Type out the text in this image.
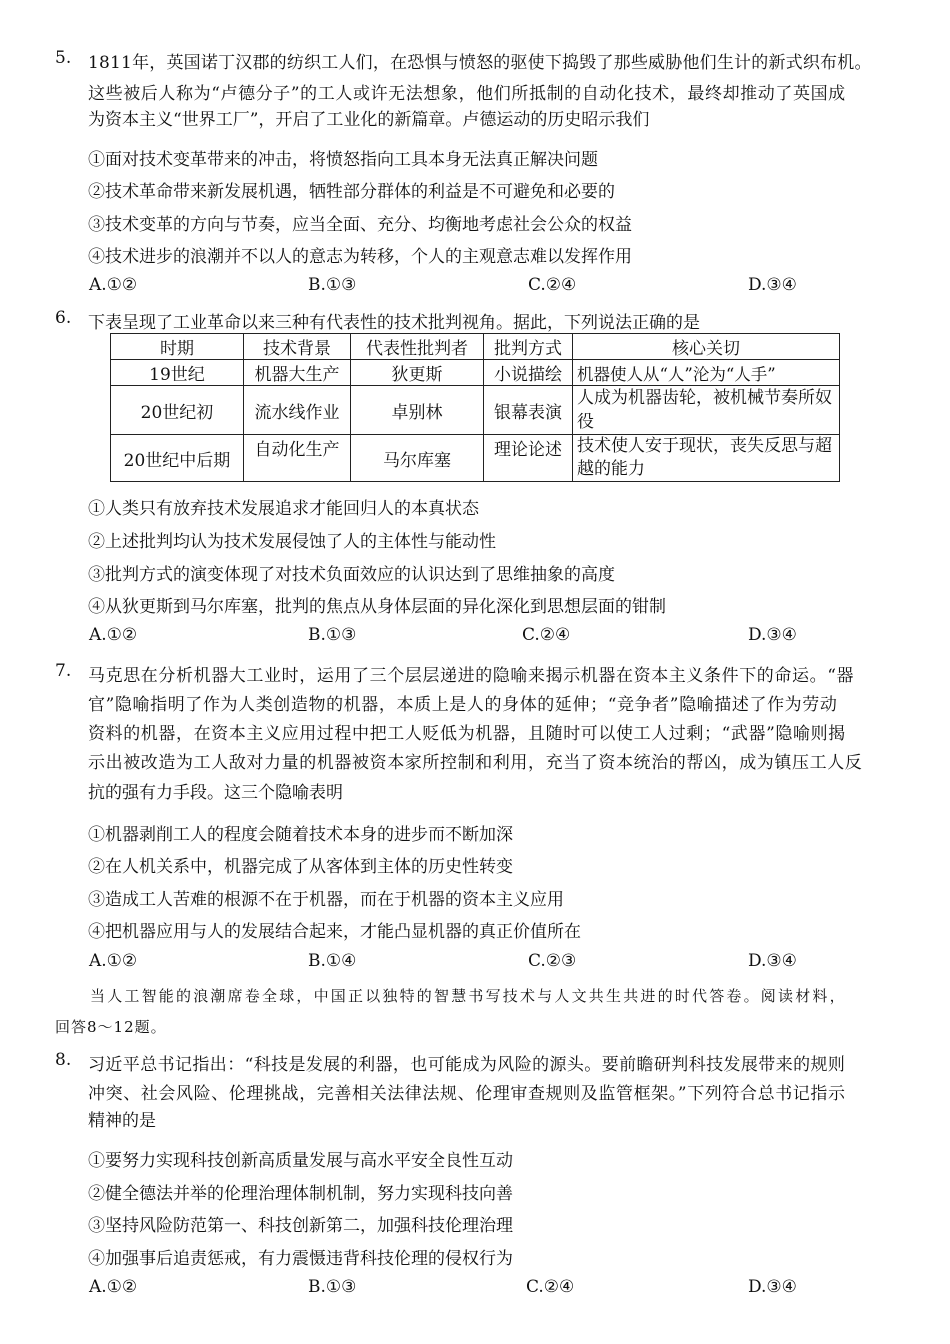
5. 1811年，英国诺丁汉郡的纺织工人们，在恐惧与愤怒的驱使下捣毁了那些威胁他们生计的新式织布机。
这些被后人称为“卢德分子”的工人或许无法想象，他们所抵制的自动化技术，最终却推动了英国成
为资本主义“世界工厂”，开启了工业化的新篇章。卢德运动的历史昭示我们
①面对技术变革带来的冲击，将愤怒指向工具本身无法真正解决问题
②技术革命带来新发展机遇，牺牲部分群体的利益是不可避免和必要的
③技术变革的方向与节奏，应当全面、充分、均衡地考虑社会公众的权益
④技术进步的浪潮并不以人的意志为转移，个人的主观意志难以发挥作用
A.①②	B.①③	C.②④	D.③④
6. 下表呈现了工业革命以来三种有代表性的技术批判视角。据此，下列说法正确的是
时期	技术背景	代表性批判者	批判方式	核心关切
19世纪	机器大生产	狄更斯	小说描绘	机器使人从“人”沦为“人手”
20世纪初	流水线作业	卓别林	银幕表演	人成为机器齿轮，被机械节奏所奴役
20世纪中后期	自动化生产	马尔库塞	理论论述	技术使人安于现状，丧失反思与超越的能力
①人类只有放弃技术发展追求才能回归人的本真状态
②上述批判均认为技术发展侵蚀了人的主体性与能动性
③批判方式的演变体现了对技术负面效应的认识达到了思维抽象的高度
④从狄更斯到马尔库塞，批判的焦点从身体层面的异化深化到思想层面的钳制
A.①②	B.①③	C.②④	D.③④
7. 马克思在分析机器大工业时，运用了三个层层递进的隐喻来揭示机器在资本主义条件下的命运。“器
官”隐喻指明了作为人类创造物的机器，本质上是人的身体的延伸；“竞争者”隐喻描述了作为劳动
资料的机器，在资本主义应用过程中把工人贬低为机器，且随时可以使工人过剩；“武器”隐喻则揭
示出被改造为工人敌对力量的机器被资本家所控制和利用，充当了资本统治的帮凶，成为镇压工人反
抗的强有力手段。这三个隐喻表明
①机器剥削工人的程度会随着技术本身的进步而不断加深
②在人机关系中，机器完成了从客体到主体的历史性转变
③造成工人苦难的根源不在于机器，而在于机器的资本主义应用
④把机器应用与人的发展结合起来，才能凸显机器的真正价值所在
A.①②	B.①④	C.②③	D.③④
当人工智能的浪潮席卷全球，中国正以独特的智慧书写技术与人文共生共进的时代答卷。阅读材料，
回答8～12题。
8. 习近平总书记指出：“科技是发展的利器，也可能成为风险的源头。要前瞻研判科技发展带来的规则
冲突、社会风险、伦理挑战，完善相关法律法规、伦理审查规则及监管框架。”下列符合总书记指示
精神的是
①要努力实现科技创新高质量发展与高水平安全良性互动
②健全德法并举的伦理治理体制机制，努力实现科技向善
③坚持风险防范第一、科技创新第二，加强科技伦理治理
④加强事后追责惩戒，有力震慑违背科技伦理的侵权行为
A.①②	B.①③	C.②④	D.③④
